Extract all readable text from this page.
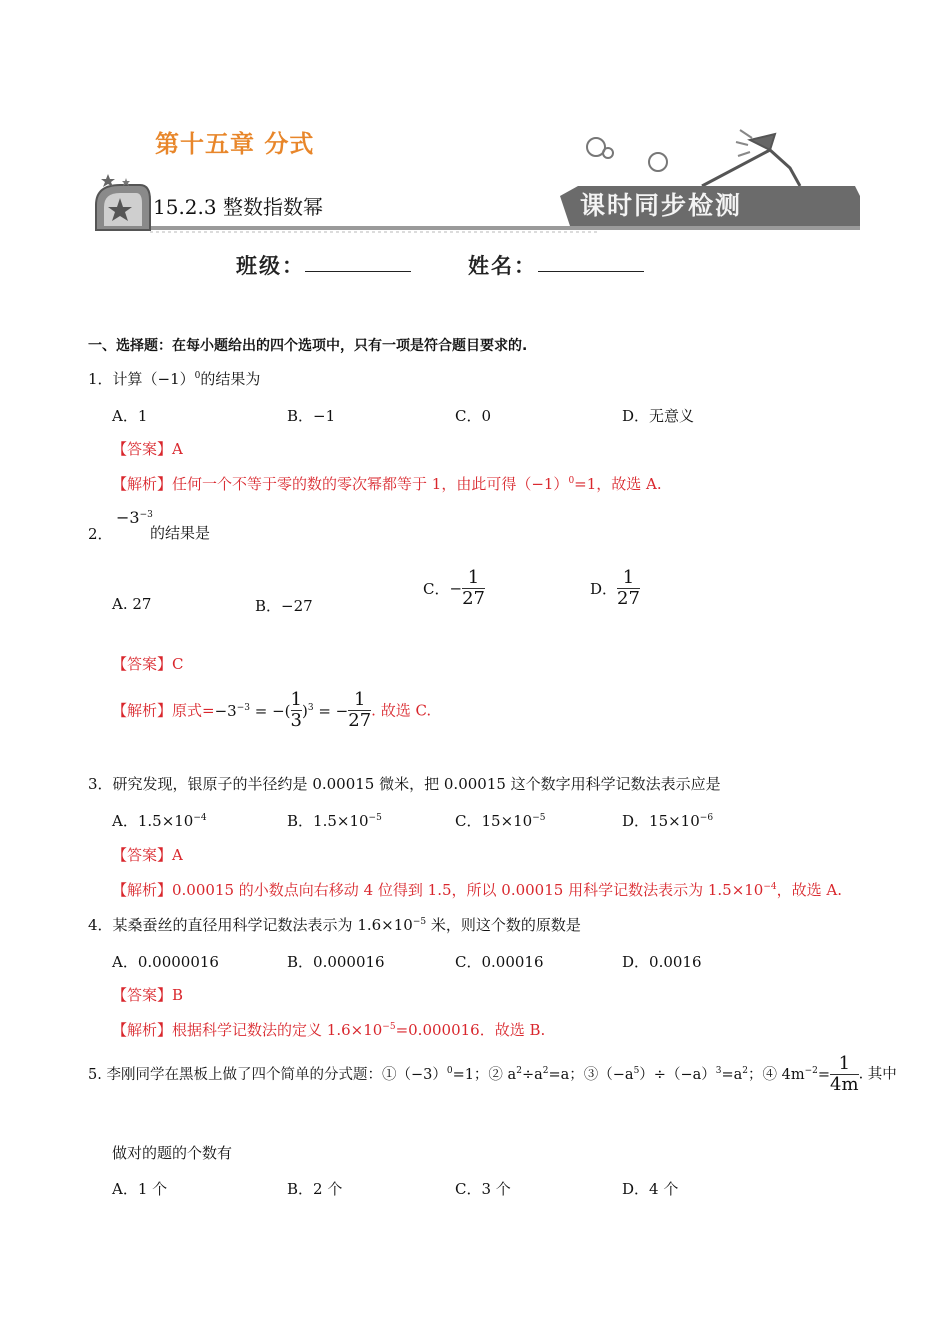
第十五章 分式
15.2.3 整数指数幂	课时同步检测
班级：	姓名：
一、选择题：在每小题给出的四个选项中，只有一项是符合题目要求的.
1．计算$(-1)^0$的结果为
A．1	B．−1	C．0	D．无意义
【答案】A
【解析】任何一个不等于零的数的零次幂都等于 1，由此可得$(-1)^0=1$，故选 A.
2．
$-3^{-3}$
的结果是
A. 27	B．−27
C．− $\frac{1}{27}$	D． $\frac{1}{27}$
【答案】C
【解析】原式$=-3^{-3}$ = −( $\frac{1}{3} )^3$ = − $\frac{1}{27}$ . 故选 C.
3．研究发现，银原子的半径约是 0.00015 微米，把 0.00015 这个数字用科学记数法表示应是
A．$1.5\times 10^{-4}$	B．$1.5\times 10^{-5}$	C．$15\times 10^{-5}$	D．$15\times 10^{-6}$
【答案】A
【解析】0.00015 的小数点向右移动 4 位得到 1.5，所以 0.00015 用科学记数法表示为 $1.5\times 10^{-4}$，故选 A.
4．某桑蚕丝的直径用科学记数法表示为 $1.6\times 10^{-5}$ 米，则这个数的原数是
A．0.0000016	B．0.000016	C．0.00016	D．0.0016
【答案】B
【解析】根据科学记数法的定义 $1.6\times 10^{-5}=0.000016$．故选 B.
5. 李刚同学在黑板上做了四个简单的分式题：$①(-3)^0=1$；② $a^2\div a^2=a$；$③(-a^5)\div(-a)^3=a^2$；④ $4m^{-2}= \frac{1}{4m}$ . 其中
做对的题的个数有
A．1 个	B．2 个	C．3 个	D．4 个
